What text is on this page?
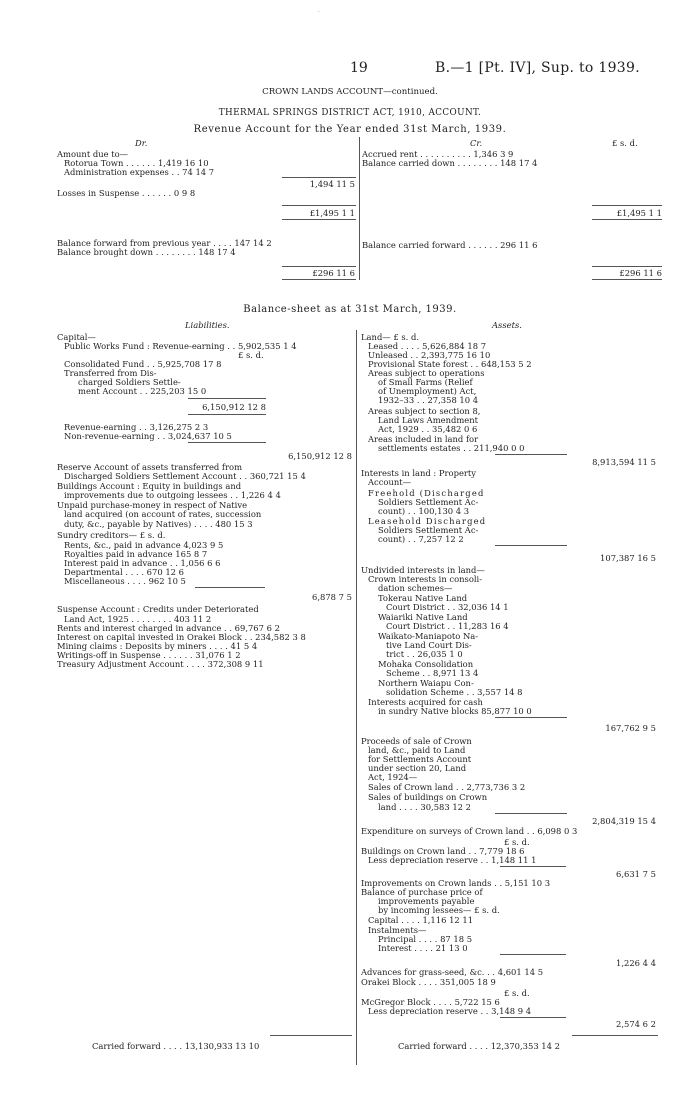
·
19	B.—1 [Pt. IV], Sup. to 1939.
CROWN LANDS ACCOUNT—continued.
THERMAL SPRINGS DISTRICT ACT, 1910, ACCOUNT.
Revenue Account for the Year ended 31st March, 1939.
Dr.	Cr.	£ s. d.
Amount due to—
Rotorua Town . . . . . . 1,419 16 10
Administration expenses . . 74 14 7
1,494 11 5
Losses in Suspense . . . . . . 0 9 8
£1,495 1 1
Balance forward from previous year . . . . 147 14 2
Balance brought down . . . . . . . . 148 17 4
£296 11 6
Accrued rent . . . . . . . . . . 1,346 3 9
Balance carried down . . . . . . . . 148 17 4
£1,495 1 1
Balance carried forward . . . . . . 296 11 6
£296 11 6
Balance-sheet as at 31st March, 1939.
Liabilities.	Assets.
Capital—
Public Works Fund : Revenue-earning . . 5,902,535 1 4
£ s. d.
Consolidated Fund . . 5,925,708 17 8
Transferred from Dis-
charged Soldiers Settle-
ment Account . . 225,203 15 0
6,150,912 12 8
Revenue-earning . . 3,126,275 2 3
Non-revenue-earning . . 3,024,637 10 5
6,150,912 12 8
Reserve Account of assets transferred from
Discharged Soldiers Settlement Account . . 360,721 15 4
Buildings Account : Equity in buildings and
improvements due to outgoing lessees . . 1,226 4 4
Unpaid purchase-money in respect of Native
land acquired (on account of rates, succession
duty, &c., payable by Natives) . . . . 480 15 3
Sundry creditors— £ s. d.
Rents, &c., paid in advance 4,023 9 5
Royalties paid in advance 165 8 7
Interest paid in advance . . 1,056 6 6
Departmental . . . . 670 12 6
Miscellaneous . . . . 962 10 5
6,878 7 5
Suspense Account : Credits under Deteriorated
Land Act, 1925 . . . . . . . . 403 11 2
Rents and interest charged in advance . . 69,767 6 2
Interest on capital invested in Orakei Block . . 234,582 3 8
Mining claims : Deposits by miners . . . . 41 5 4
Writings-off in Suspense . . . . . . 31,076 1 2
Treasury Adjustment Account . . . . 372,308 9 11
Carried forward . . . . 13,130,933 13 10
Land— £ s. d.
Leased . . . . 5,626,884 18 7
Unleased . . 2,393,775 16 10
Provisional State forest . . 648,153 5 2
Areas subject to operations
of Small Farms (Relief
of Unemployment) Act,
1932–33 . . 27,358 10 4
Areas subject to section 8,
Land Laws Amendment
Act, 1929 . . 35,482 0 6
Areas included in land for
settlements estates . . 211,940 0 0
8,913,594 11 5
Interests in land : Property
Account—
Freehold (Discharged
Soldiers Settlement Ac-
count) . . 100,130 4 3
Leasehold Discharged
Soldiers Settlement Ac-
count) . . 7,257 12 2
107,387 16 5
Undivided interests in land—
Crown interests in consoli-
dation schemes—
Tokerau Native Land
Court District . . 32,036 14 1
Waiariki Native Land
Court District . . 11,283 16 4
Waikato-Maniapoto Na-
tive Land Court Dis-
trict . . 26,035 1 0
Mohaka Consolidation
Scheme . . 8,971 13 4
Northern Waiapu Con-
solidation Scheme . . 3,557 14 8
Interests acquired for cash
in sundry Native blocks 85,877 10 0
167,762 9 5
Proceeds of sale of Crown
land, &c., paid to Land
for Settlements Account
under section 20, Land
Act, 1924—
Sales of Crown land . . 2,773,736 3 2
Sales of buildings on Crown
land . . . . 30,583 12 2
2,804,319 15 4
Expenditure on surveys of Crown land . . 6,098 0 3
£ s. d.
Buildings on Crown land . . 7,779 18 6
Less depreciation reserve . . 1,148 11 1
6,631 7 5
Improvements on Crown lands . . 5,151 10 3
Balance of purchase price of
improvements payable
by incoming lessees— £ s. d.
Capital . . . . 1,116 12 11
Instalments—
Principal . . . . 87 18 5
Interest . . . . 21 13 0
1,226 4 4
Advances for grass-seed, &c. . . 4,601 14 5
Orakei Block . . . . 351,005 18 9
£ s. d.
McGregor Block . . . . 5,722 15 6
Less depreciation reserve . . 3,148 9 4
2,574 6 2
Carried forward . . . . 12,370,353 14 2
